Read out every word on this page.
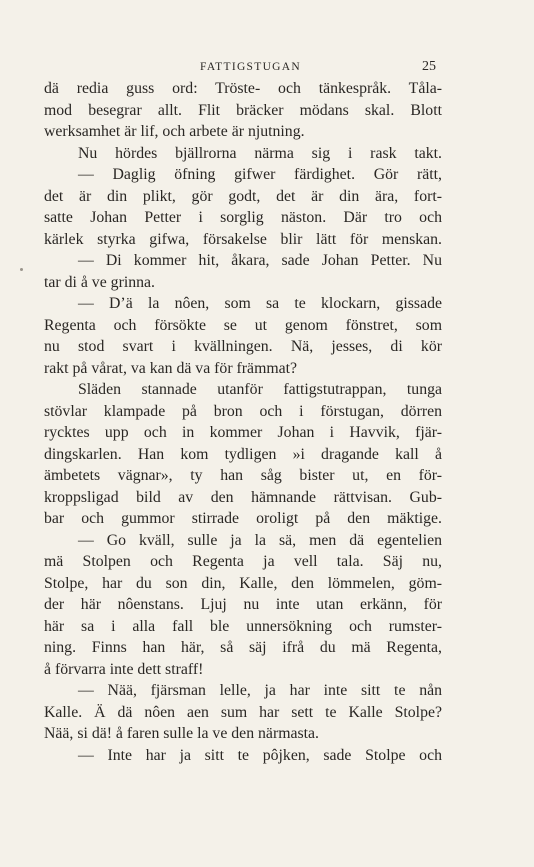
FATTIGSTUGAN	25
dä redia guss ord: Tröste- och tänkespråk. Tåla-
mod besegrar allt. Flit bräcker mödans skal. Blott
werksamhet är lif, och arbete är njutning.
Nu hördes bjällrorna närma sig i rask takt.
— Daglig öfning gifwer färdighet. Gör rätt,
det är din plikt, gör godt, det är din ära, fort-
satte Johan Petter i sorglig näston. Där tro och
kärlek styrka gifwa, försakelse blir lätt för menskan.
— Di kommer hit, åkara, sade Johan Petter. Nu
tar di å ve grinna.
— D’ä la nôen, som sa te klockarn, gissade
Regenta och försökte se ut genom fönstret, som
nu stod svart i kvällningen. Nä, jesses, di kör
rakt på vårat, va kan dä va för främmat?
Släden stannade utanför fattigstutrappan, tunga
stövlar klampade på bron och i förstugan, dörren
rycktes upp och in kommer Johan i Havvik, fjär-
dingskarlen. Han kom tydligen »i dragande kall å
ämbetets vägnar», ty han såg bister ut, en för-
kroppsligad bild av den hämnande rättvisan. Gub-
bar och gummor stirrade oroligt på den mäktige.
— Go kväll, sulle ja la sä, men dä egentelien
mä Stolpen och Regenta ja vell tala. Säj nu,
Stolpe, har du son din, Kalle, den lömmelen, göm-
der här nôenstans. Ljuj nu inte utan erkänn, för
här sa i alla fall ble unnersökning och rumster-
ning. Finns han här, så säj ifrå du mä Regenta,
å förvarra inte dett straff!
— Nää, fjärsman lelle, ja har inte sitt te nån
Kalle. Ä dä nôen aen sum har sett te Kalle Stolpe?
Nää, si dä! å faren sulle la ve den närmasta.
— Inte har ja sitt te pôjken, sade Stolpe och
